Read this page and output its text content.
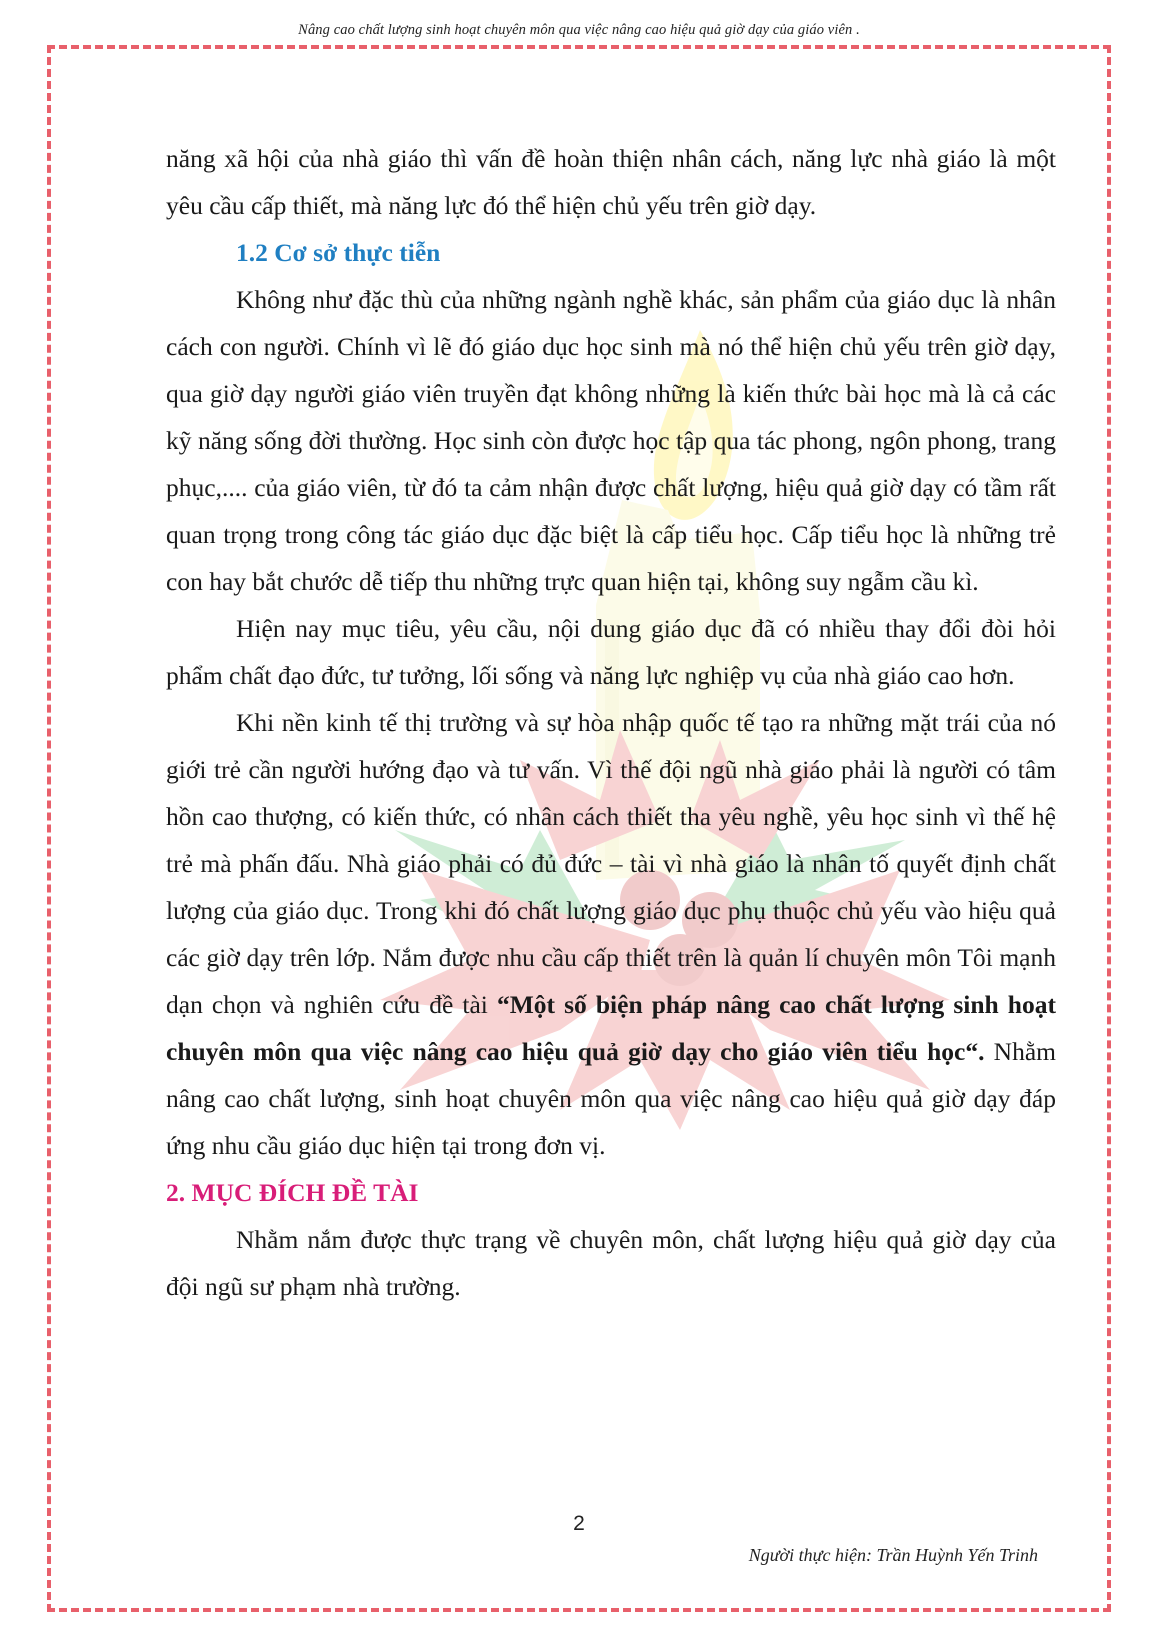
Nâng cao chất lượng sinh hoạt chuyên môn qua việc nâng cao hiệu quả giờ dạy của giáo viên .

năng xã hội của nhà giáo thì vấn đề hoàn thiện nhân cách, năng lực nhà giáo là một yêu cầu cấp thiết, mà năng lực đó thể hiện chủ yếu trên giờ dạy.

1.2 Cơ sở thực tiễn

Không như đặc thù của những ngành nghề khác, sản phẩm của giáo dục là nhân cách con người. Chính vì lẽ đó giáo dục học sinh mà nó thể hiện chủ yếu trên giờ dạy, qua giờ dạy người giáo viên truyền đạt không những là kiến thức bài học mà là cả các kỹ năng sống đời thường. Học sinh còn được học tập qua tác phong, ngôn phong, trang phục,.... của giáo viên, từ đó ta cảm nhận được chất lượng, hiệu quả giờ dạy có tầm rất quan trọng trong công tác giáo dục đặc biệt là cấp tiểu học. Cấp tiểu học là những trẻ con hay bắt chước dễ tiếp thu những trực quan hiện tại, không suy ngẫm cầu kì.

Hiện nay mục tiêu, yêu cầu, nội dung giáo dục đã có nhiều thay đổi đòi hỏi phẩm chất đạo đức, tư tưởng, lối sống và năng lực nghiệp vụ của nhà giáo cao hơn.

Khi nền kinh tế thị trường và sự hòa nhập quốc tế tạo ra những mặt trái của nó giới trẻ cần người hướng đạo và tư vấn. Vì thế đội ngũ nhà giáo phải là người có tâm hồn cao thượng, có kiến thức, có nhân cách thiết tha yêu nghề, yêu học sinh vì thế hệ trẻ mà phấn đấu. Nhà giáo phải có đủ đức – tài vì nhà giáo là nhân tố quyết định chất lượng của giáo dục. Trong khi đó chất lượng giáo dục phụ thuộc chủ yếu vào hiệu quả các giờ dạy trên lớp. Nắm được nhu cầu cấp thiết trên là quản lí chuyên môn Tôi mạnh dạn chọn và nghiên cứu đề tài “Một số biện pháp nâng cao chất lượng sinh hoạt chuyên môn qua việc nâng cao hiệu quả giờ dạy cho giáo viên tiểu học“. Nhằm nâng cao chất lượng, sinh hoạt chuyên môn qua việc nâng cao hiệu quả giờ dạy đáp ứng nhu cầu giáo dục hiện tại trong đơn vị.

2. MỤC ĐÍCH ĐỀ TÀI

Nhằm nắm được thực trạng về chuyên môn, chất lượng hiệu quả giờ dạy của đội ngũ sư phạm nhà trường.

2
Người thực hiện: Trần Huỳnh Yến Trinh
